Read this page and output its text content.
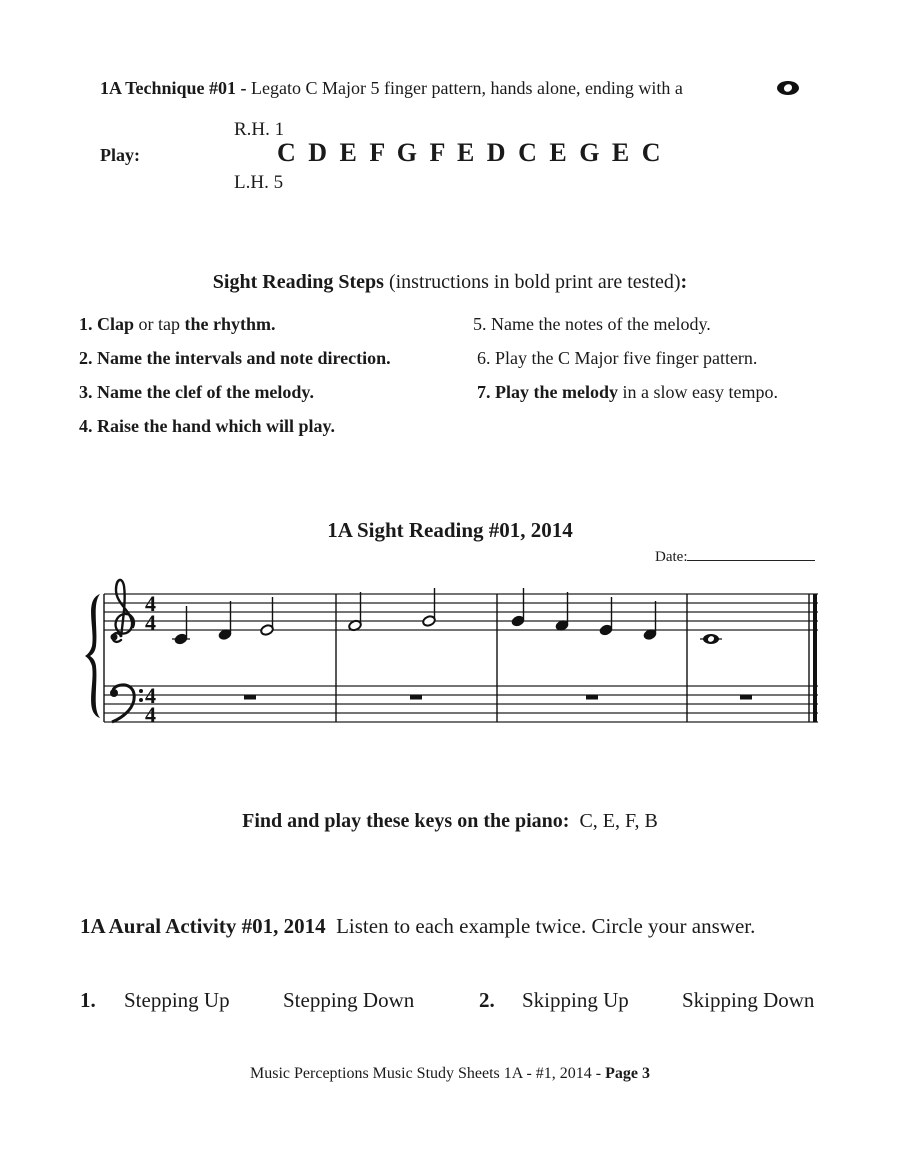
1A Technique #01 - Legato C Major 5 finger pattern, hands alone, ending with a
R.H. 1
Play:	C D E F G F E D C E G E C
L.H. 5
Sight Reading Steps (instructions in bold print are tested):
1. Clap or tap the rhythm.
2. Name the intervals and note direction.
3. Name the clef of the melody.
4. Raise the hand which will play.
5. Name the notes of the melody.
6. Play the C Major five finger pattern.
7. Play the melody in a slow easy tempo.
1A Sight Reading #01, 2014
Date:
4
4
4
4
Find and play these keys on the piano: C, E, F, B
1A Aural Activity #01, 2014 Listen to each example twice. Circle your answer.
1. Stepping Up	Stepping Down	2. Skipping Up	Skipping Down
Music Perceptions Music Study Sheets 1A - #1, 2014 - Page 3
